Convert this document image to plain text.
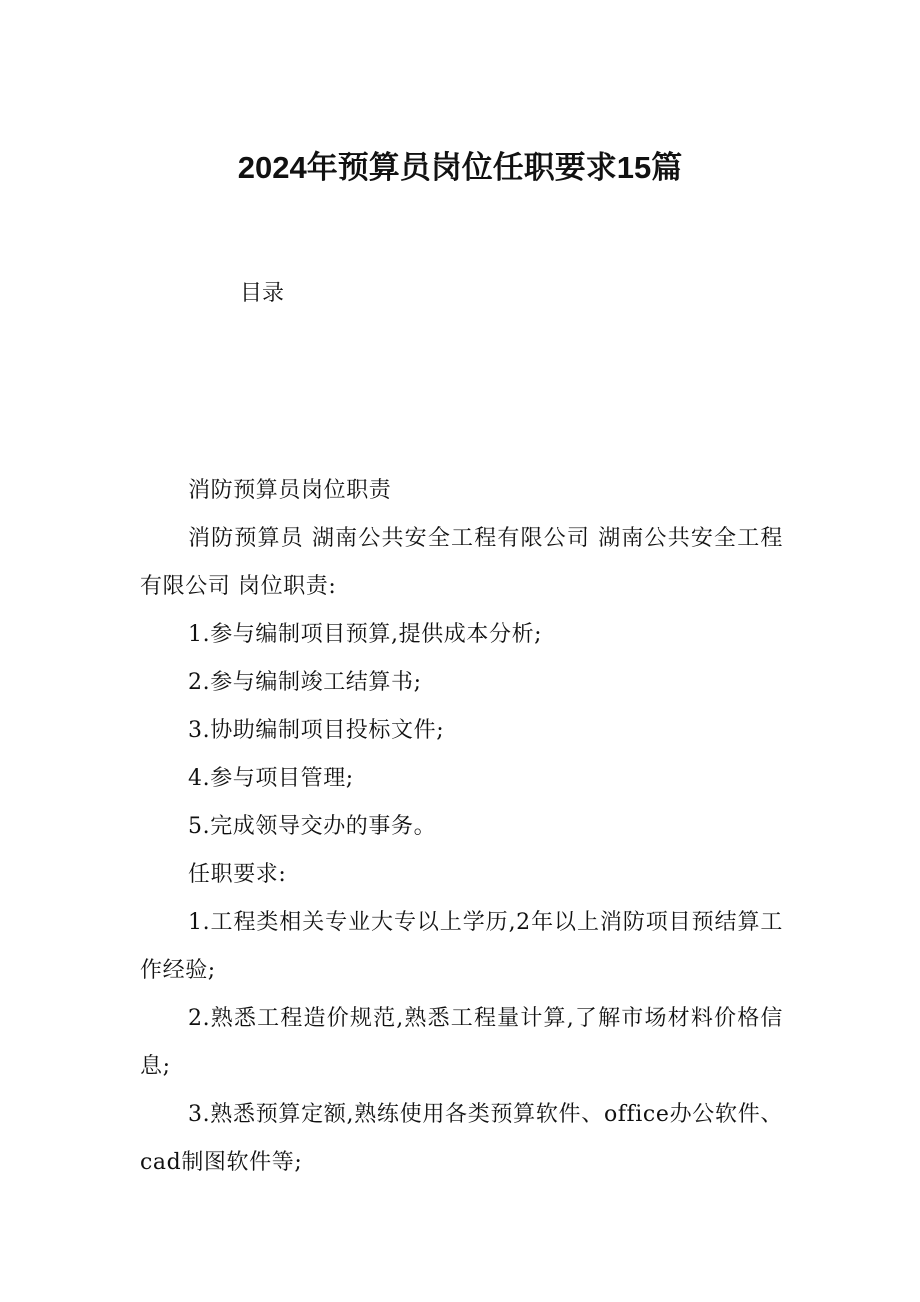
2024年预算员岗位任职要求15篇
目录

消防预算员岗位职责

消防预算员 湖南公共安全工程有限公司 湖南公共安全工程有限公司 岗位职责:

1.参与编制项目预算,提供成本分析;

2.参与编制竣工结算书;

3.协助编制项目投标文件;

4.参与项目管理;

5.完成领导交办的事务。

任职要求:

1.工程类相关专业大专以上学历,2年以上消防项目预结算工作经验;

2.熟悉工程造价规范,熟悉工程量计算,了解市场材料价格信息;

3.熟悉预算定额,熟练使用各类预算软件、office办公软件、cad制图软件等;
